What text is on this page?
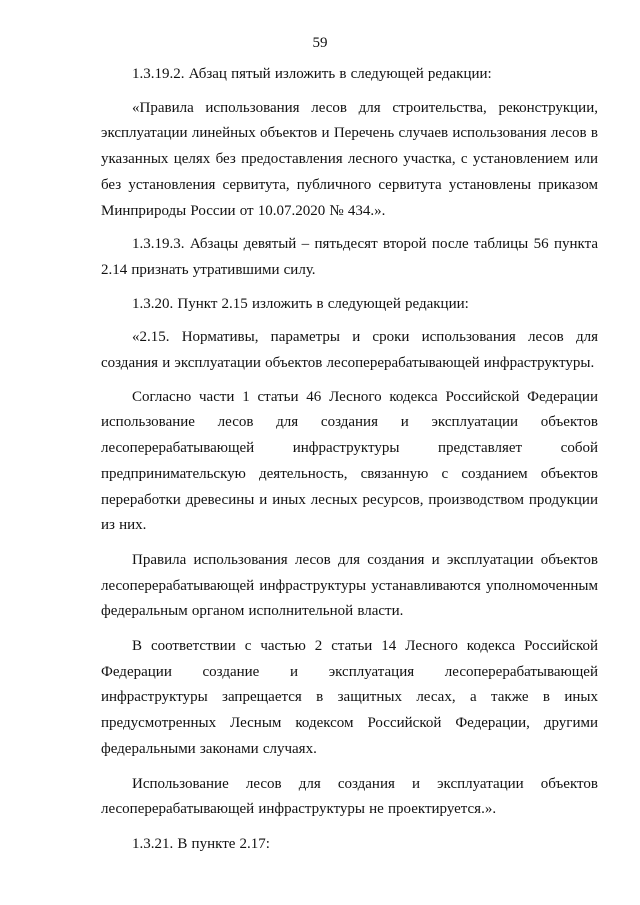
59

1.3.19.2. Абзац пятый изложить в следующей редакции:

«Правила использования лесов для строительства, реконструкции, эксплуатации линейных объектов и Перечень случаев использования лесов в указанных целях без предоставления лесного участка, с установлением или без установления сервитута, публичного сервитута установлены приказом Минприроды России от 10.07.2020 № 434.».

1.3.19.3. Абзацы девятый – пятьдесят второй после таблицы 56 пункта 2.14 признать утратившими силу.

1.3.20. Пункт 2.15 изложить в следующей редакции:

«2.15. Нормативы, параметры и сроки использования лесов для создания и эксплуатации объектов лесоперерабатывающей инфраструктуры.

Согласно части 1 статьи 46 Лесного кодекса Российской Федерации использование лесов для создания и эксплуатации объектов лесоперерабатывающей инфраструктуры представляет собой предпринимательскую деятельность, связанную с созданием объектов переработки древесины и иных лесных ресурсов, производством продукции из них.

Правила использования лесов для создания и эксплуатации объектов лесоперерабатывающей инфраструктуры устанавливаются уполномоченным федеральным органом исполнительной власти.

В соответствии с частью 2 статьи 14 Лесного кодекса Российской Федерации создание и эксплуатация лесоперерабатывающей инфраструктуры запрещается в защитных лесах, а также в иных предусмотренных Лесным кодексом Российской Федерации, другими федеральными законами случаях.

Использование лесов для создания и эксплуатации объектов лесоперерабатывающей инфраструктуры не проектируется.».

1.3.21. В пункте 2.17:
